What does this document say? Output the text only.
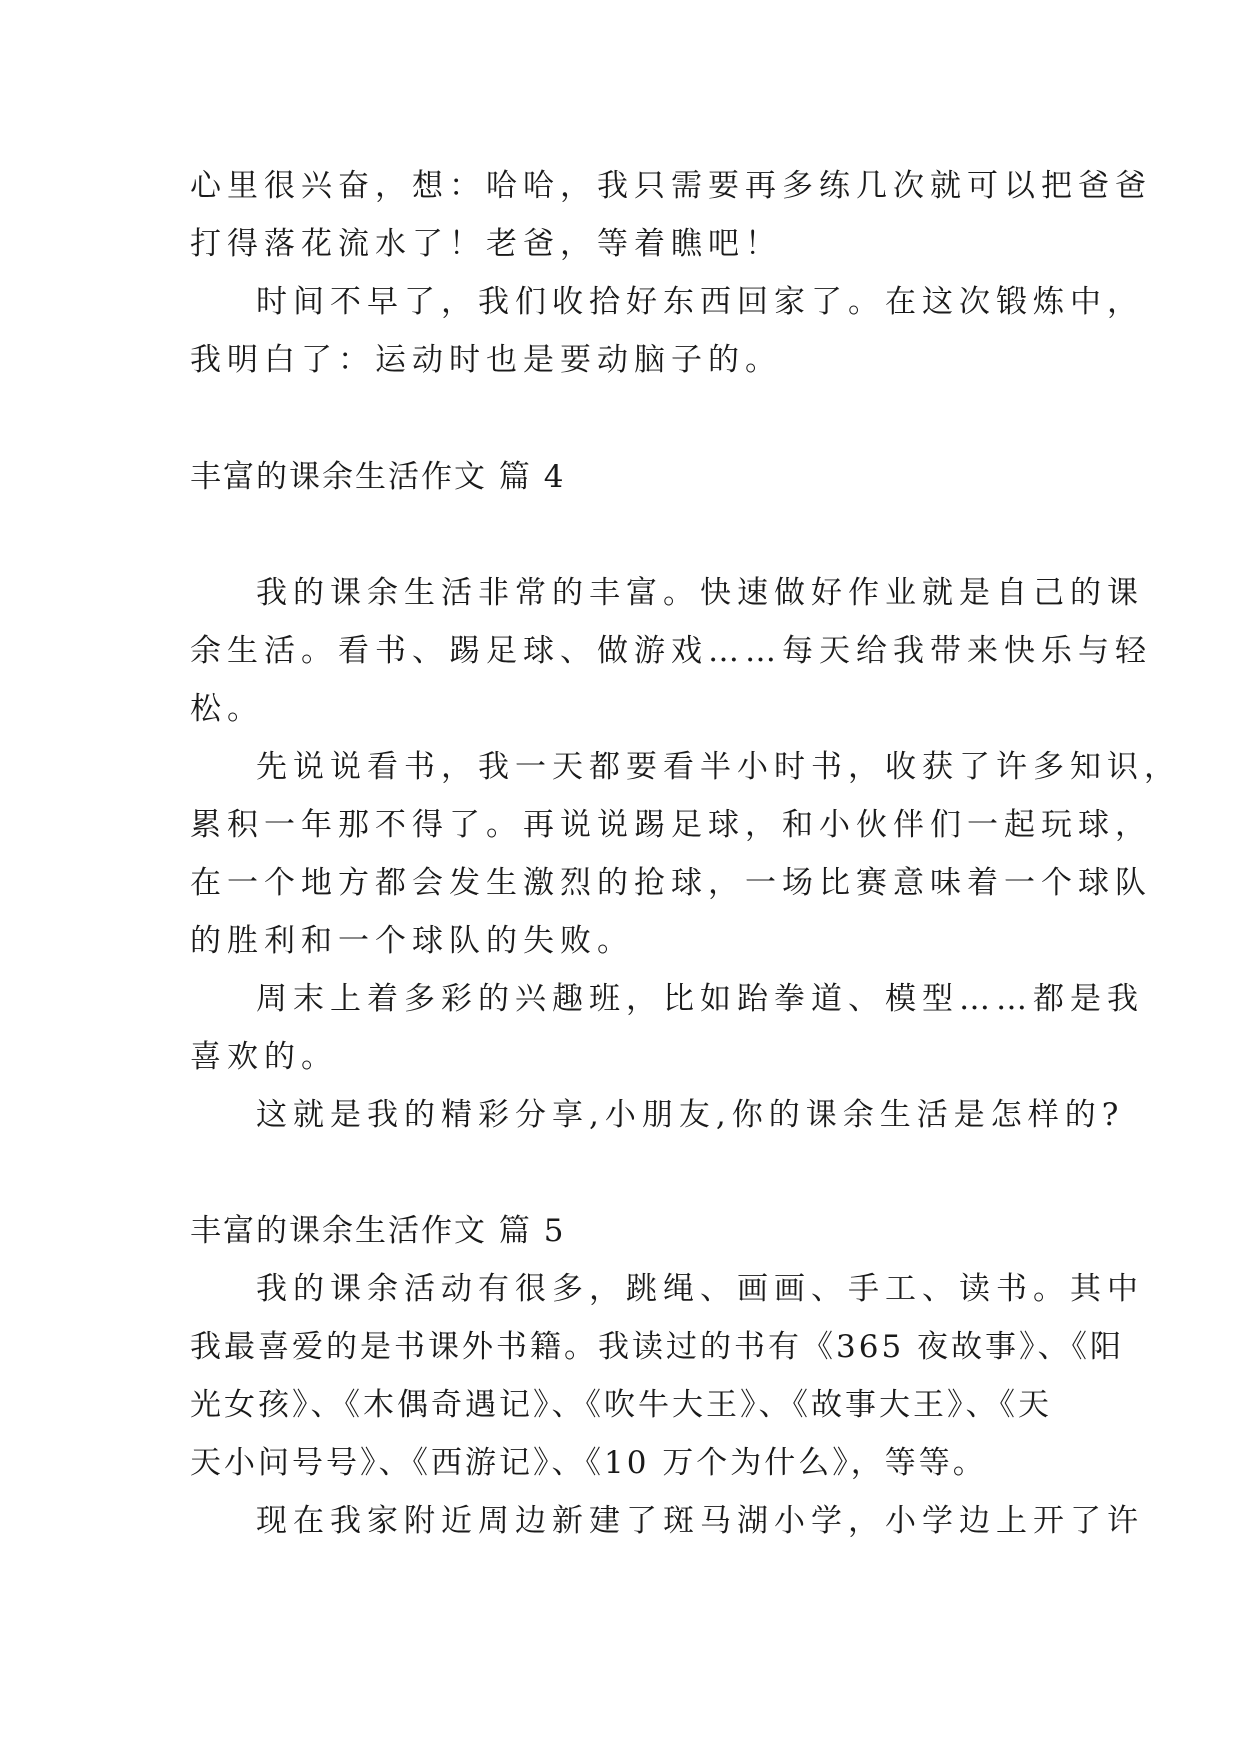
心里很兴奋，想：哈哈，我只需要再多练几次就可以把爸爸
打得落花流水了！老爸，等着瞧吧！
时间不早了，我们收拾好东西回家了。在这次锻炼中，
我明白了：运动时也是要动脑子的。
丰富的课余生活作文 篇 4
我的课余生活非常的丰富。快速做好作业就是自己的课
余生活。看书、踢足球、做游戏……每天给我带来快乐与轻
松。
先说说看书，我一天都要看半小时书，收获了许多知识，
累积一年那不得了。再说说踢足球，和小伙伴们一起玩球，
在一个地方都会发生激烈的抢球，一场比赛意味着一个球队
的胜利和一个球队的失败。
周末上着多彩的兴趣班，比如跆拳道、模型……都是我
喜欢的。
这就是我的精彩分享,小朋友,你的课余生活是怎样的?
丰富的课余生活作文 篇 5
我的课余活动有很多，跳绳、画画、手工、读书。其中
我最喜爱的是书课外书籍。我读过的书有《365 夜故事》、《阳
光女孩》、《木偶奇遇记》、《吹牛大王》、《故事大王》、《天
天小问号号》、《西游记》、《10 万个为什么》，等等。
现在我家附近周边新建了斑马湖小学，小学边上开了许
